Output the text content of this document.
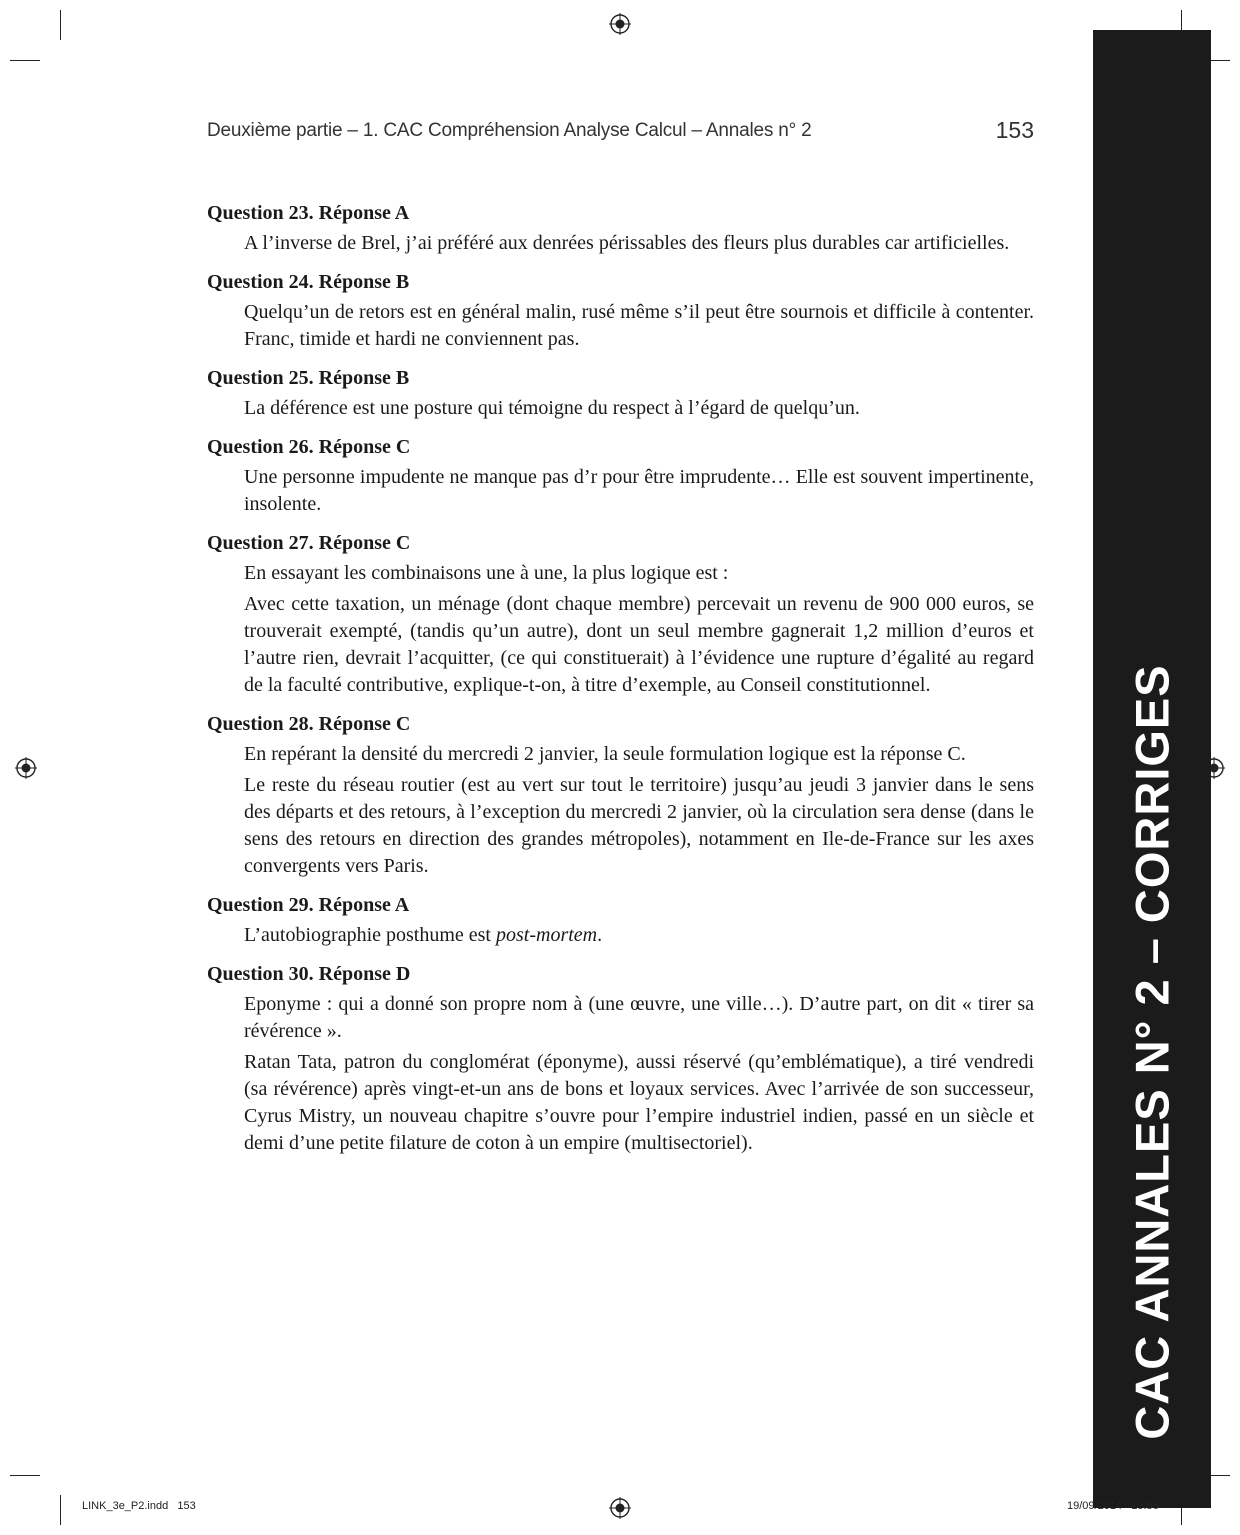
CAC ANNALES N° 2 – CORRIGES
Deuxième partie – 1. CAC Compréhension Analyse Calcul – Annales n° 2	153
Question 23. Réponse A

A l’inverse de Brel, j’ai préféré aux denrées périssables des fleurs plus durables car artificielles.

Question 24. Réponse B

Quelqu’un de retors est en général malin, rusé même s’il peut être sournois et difficile à contenter. Franc, timide et hardi ne conviennent pas.

Question 25. Réponse B

La déférence est une posture qui témoigne du respect à l’égard de quelqu’un.

Question 26. Réponse C

Une personne impudente ne manque pas d’r pour être imprudente… Elle est souvent impertinente, insolente.

Question 27. Réponse C

En essayant les combinaisons une à une, la plus logique est :

Avec cette taxation, un ménage (dont chaque membre) percevait un revenu de 900 000 euros, se trouverait exempté, (tandis qu’un autre), dont un seul membre gagnerait 1,2 million d’euros et l’autre rien, devrait l’acquitter, (ce qui constituerait) à l’évidence une rupture d’égalité au regard de la faculté contributive, explique-t-on, à titre d’exemple, au Conseil constitutionnel.

Question 28. Réponse C

En repérant la densité du mercredi 2 janvier, la seule formulation logique est la réponse C.

Le reste du réseau routier (est au vert sur tout le territoire) jusqu’au jeudi 3 janvier dans le sens des départs et des retours, à l’exception du mercredi 2 janvier, où la circulation sera dense (dans le sens des retours en direction des grandes métropoles), notamment en Ile-de-France sur les axes convergents vers Paris.

Question 29. Réponse A

L’autobiographie posthume est post-mortem.

Question 30. Réponse D

Eponyme : qui a donné son propre nom à (une œuvre, une ville…). D’autre part, on dit « tirer sa révérence ».

Ratan Tata, patron du conglomérat (éponyme), aussi réservé (qu’emblématique), a tiré vendredi (sa révérence) après vingt-et-un ans de bons et loyaux services. Avec l’arrivée de son successeur, Cyrus Mistry, un nouveau chapitre s’ouvre pour l’empire industriel indien, passé en un siècle et demi d’une petite filature de coton à un empire (multisectoriel).

LINK_3e_P2.indd   153	19/09/2014   15:56
